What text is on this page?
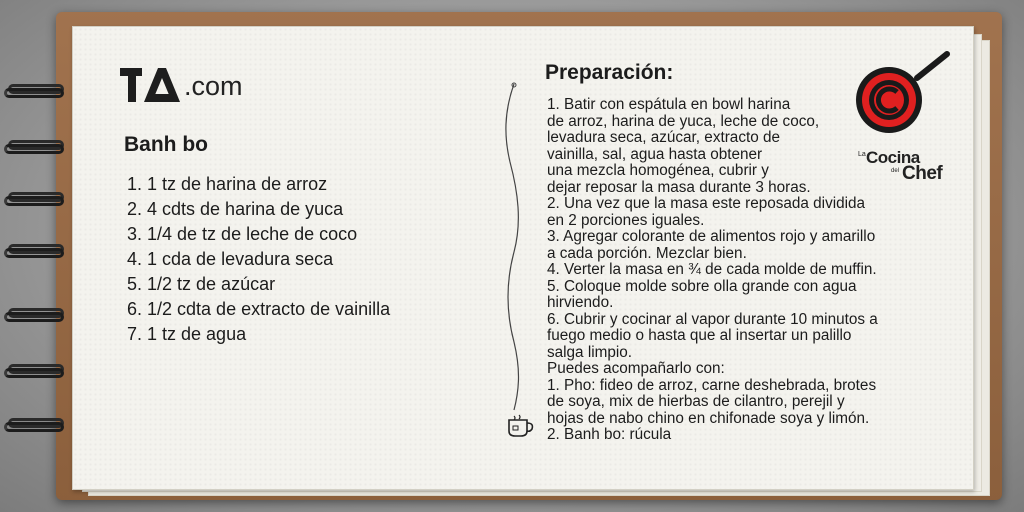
.com
Banh bo
1. 1 tz de harina de arroz
2. 4 cdts de harina de yuca
3. 1/4 de tz de leche de coco
4. 1 cda de levadura seca
5. 1/2 tz de azúcar
6. 1/2 cdta de extracto de vainilla
7. 1 tz de agua
Preparación:
1. Batir con espátula en bowl harina
de arroz, harina de yuca, leche de coco,
levadura seca, azúcar, extracto de
vainilla, sal, agua hasta obtener
una mezcla homogénea, cubrir y
dejar reposar la masa durante 3 horas.
2. Una vez que la masa este reposada dividida
en 2 porciones iguales.
3. Agregar colorante de alimentos rojo y amarillo
a cada porción. Mezclar bien.
4. Verter la masa en ¾ de cada molde de muffin.
5. Coloque molde sobre olla grande con agua
hirviendo.
6. Cubrir y cocinar al vapor durante 10 minutos a
fuego medio o hasta que al insertar un palillo
salga limpio.
Puedes acompañarlo con:
1. Pho: fideo de arroz, carne deshebrada, brotes
de soya, mix de hierbas de cilantro, perejil y
hojas de nabo chino en chifonade soya y limón.
2. Banh bo: rúcula
La Cocina
del Chef
